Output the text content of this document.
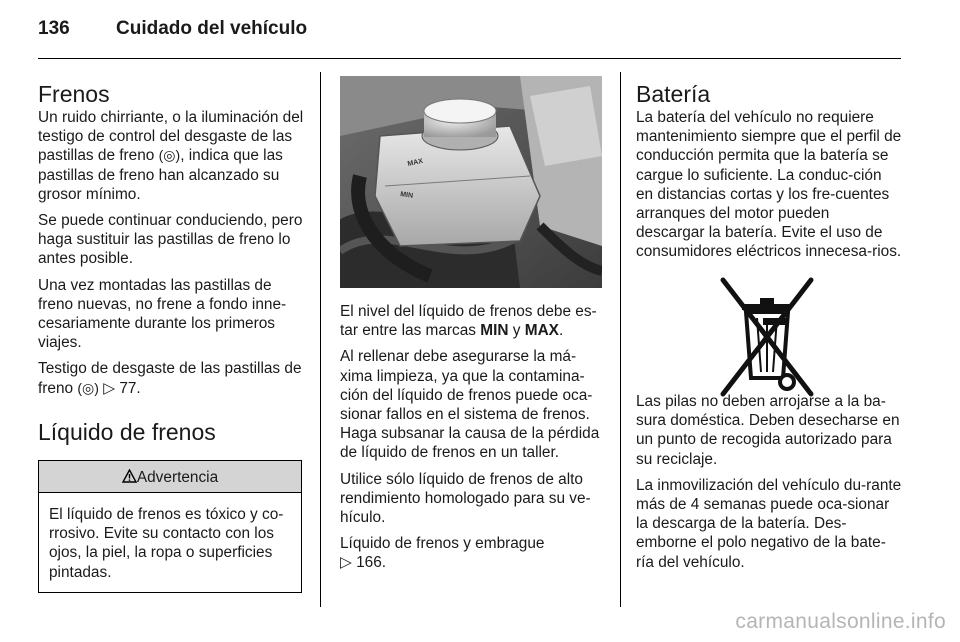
136 Cuidado del vehículo
Frenos

Un ruido chirriante, o la iluminación del testigo de control del desgaste de las pastillas de freno (◎), indica que las pastillas de freno han alcanzado su grosor mínimo.

Se puede continuar conduciendo, pero haga sustituir las pastillas de freno lo antes posible.

Una vez montadas las pastillas de freno nuevas, no frene a fondo inne-cesariamente durante los primeros viajes.

Testigo de desgaste de las pastillas de freno (◎) ▷ 77.

Líquido de frenos
Advertencia
El líquido de frenos es tóxico y co-rrosivo. Evite su contacto con los ojos, la piel, la ropa o superficies pintadas.
MAX
MIN

El nivel del líquido de frenos debe es-tar entre las marcas MIN y MAX.

Al rellenar debe asegurarse la má-xima limpieza, ya que la contamina-ción del líquido de frenos puede oca-sionar fallos en el sistema de frenos. Haga subsanar la causa de la pérdida de líquido de frenos en un taller.

Utilice sólo líquido de frenos de alto rendimiento homologado para su ve-hículo.

Líquido de frenos y embrague
▷ 166.

Batería

La batería del vehículo no requiere mantenimiento siempre que el perfil de conducción permita que la batería se cargue lo suficiente. La conduc-ción en distancias cortas y los fre-cuentes arranques del motor pueden descargar la batería. Evite el uso de consumidores eléctricos innecesa-rios.

Las pilas no deben arrojarse a la ba-sura doméstica. Deben desecharse en un punto de recogida autorizado para su reciclaje.

La inmovilización del vehículo du-rante más de 4 semanas puede oca-sionar la descarga de la batería. Des-emborne el polo negativo de la bate-ría del vehículo.

carmanualsonline.info
